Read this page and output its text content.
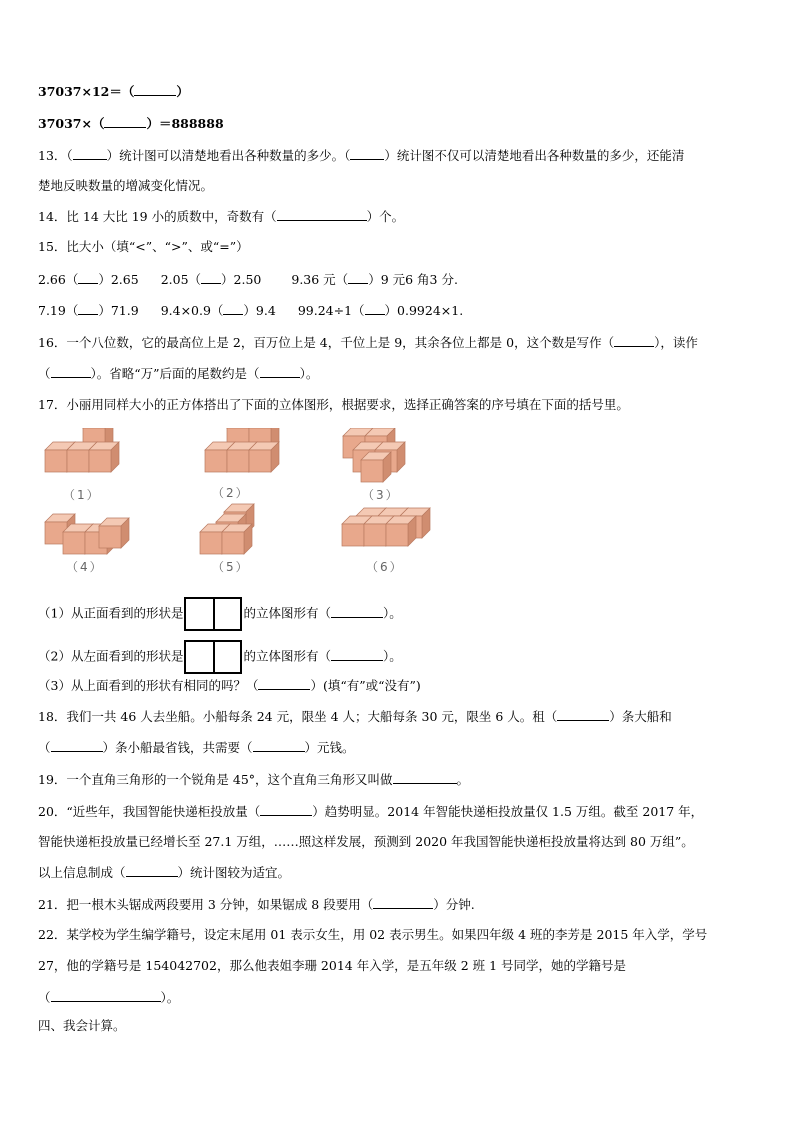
37037×12＝（	）
37037×（	）＝888888
13．（	）统计图可以清楚地看出各种数量的多少。（	）统计图不仅可以清楚地看出各种数量的多少，还能清
楚地反映数量的增减变化情况。
14．比 14 大比 19 小的质数中，奇数有（	）个。
15．比大小（填“<”、“>”、或“=”）
2.66（ ）2.65 2.05（ ）2.50 9.36 元（ ）9 元6 角3 分.
7.19（ ）71.9 9.4×0.9（ ）9.4 99.24÷1（ ）0.9924×1.
16．一个八位数，它的最高位上是 2，百万位上是 4，千位上是 9，其余各位上都是 0，这个数是写作（	），读作
（	）。省略“万”后面的尾数约是（	）。
17．小丽用同样大小的正方体搭出了下面的立体图形，根据要求，选择正确答案的序号填在下面的括号里。
（1）	（2）	（3）
（4）	（5）	（6）
（1）从正面看到的形状是	的立体图形有（	）。
（2）从左面看到的形状是	的立体图形有（	）。
（3）从上面看到的形状有相同的吗？（	）(填“有”或“没有”)
18．我们一共 46 人去坐船。小船每条 24 元，限坐 4 人；大船每条 30 元，限坐 6 人。租（	）条大船和
（	）条小船最省钱，共需要（	）元钱。
19．一个直角三角形的一个锐角是 45°，这个直角三角形又叫做	。
20．“近些年，我国智能快递柜投放量（	）趋势明显。2014 年智能快递柜投放量仅 1.5 万组。截至 2017 年，
智能快递柜投放量已经增长至 27.1 万组，……照这样发展，预测到 2020 年我国智能快递柜投放量将达到 80 万组”。
以上信息制成（	）统计图较为适宜。
21．把一根木头锯成两段要用 3 分钟，如果锯成 8 段要用（	）分钟.
22．某学校为学生编学籍号，设定末尾用 01 表示女生，用 02 表示男生。如果四年级 4 班的李芳是 2015 年入学，学号
27，他的学籍号是 154042702，那么他表姐李珊 2014 年入学，是五年级 2 班 1 号同学，她的学籍号是
（	）。
四、我会计算。
